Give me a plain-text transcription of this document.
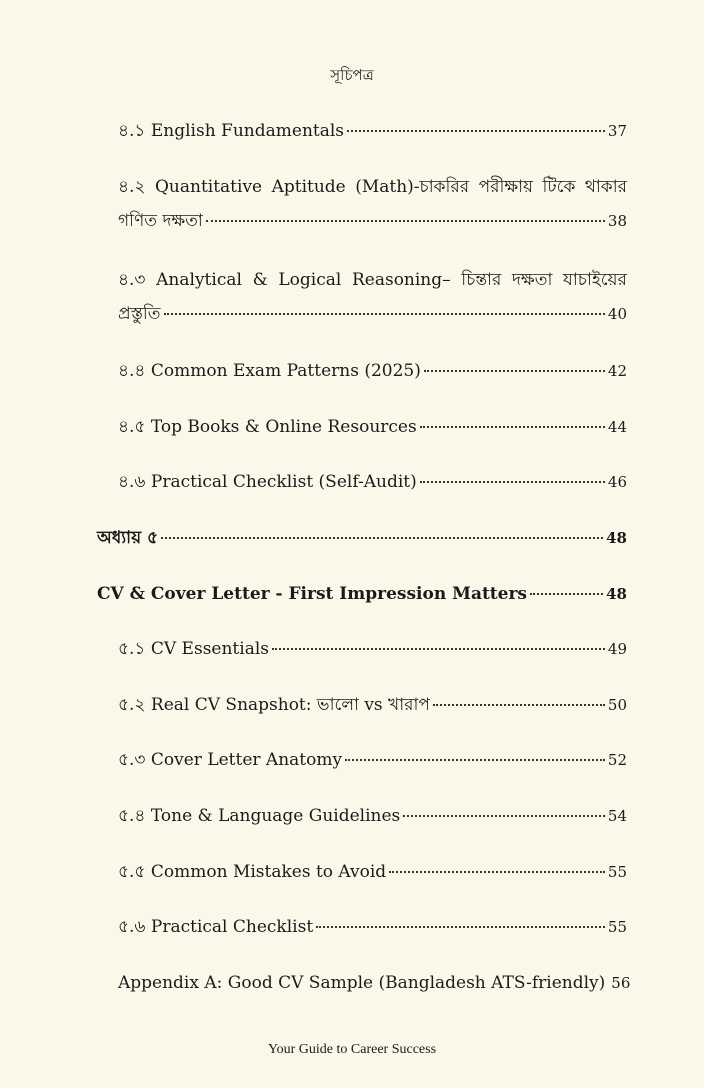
সূচিপত্র
৪.১ English Fundamentals	37
৪.২ Quantitative Aptitude (Math)-চাকরির পরীক্ষায় টিকে থাকার
গণিত দক্ষতা	38
৪.৩ Analytical & Logical Reasoning– চিন্তার দক্ষতা যাচাইয়ের
প্রস্তুতি	40
৪.৪ Common Exam Patterns (2025)	42
৪.৫ Top Books & Online Resources	44
৪.৬ Practical Checklist (Self-Audit)	46
অধ্যায় ৫	48
CV & Cover Letter - First Impression Matters	48
৫.১ CV Essentials	49
৫.২ Real CV Snapshot: ভালো vs খারাপ	50
৫.৩ Cover Letter Anatomy	52
৫.৪ Tone & Language Guidelines	54
৫.৫ Common Mistakes to Avoid	55
৫.৬ Practical Checklist	55
Appendix A: Good CV Sample (Bangladesh ATS-friendly) 56
Your Guide to Career Success
